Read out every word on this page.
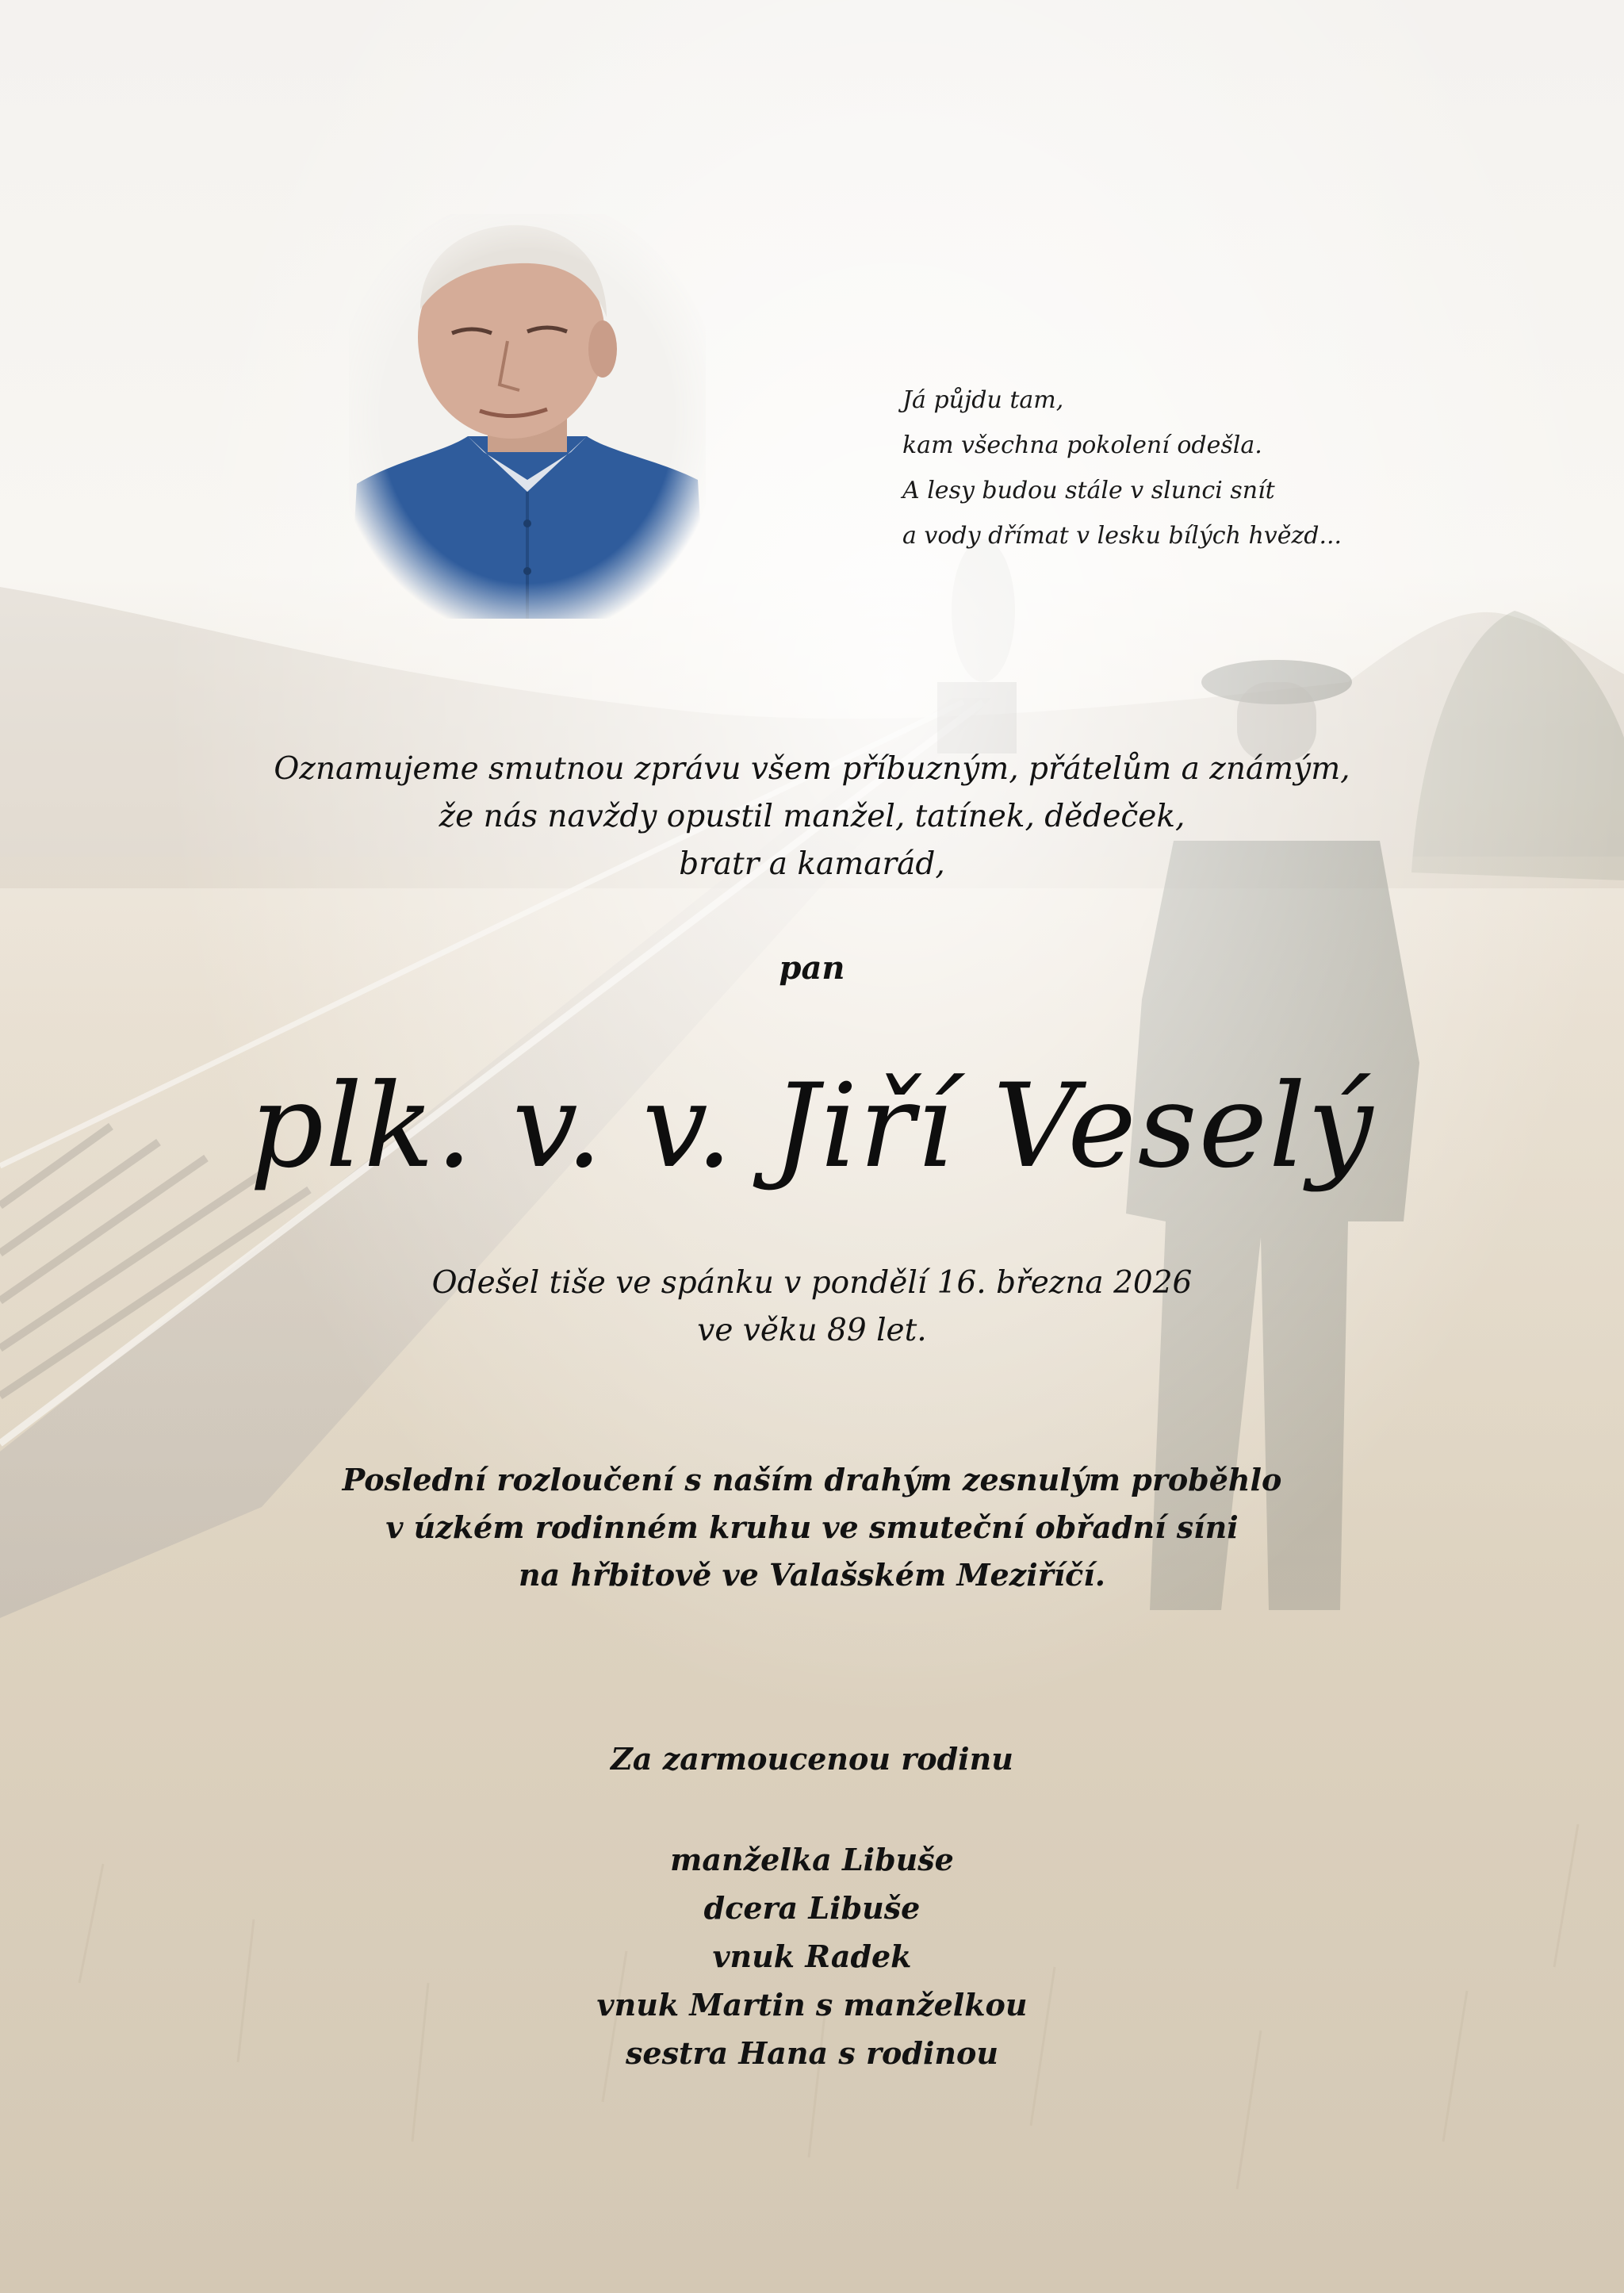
Já půjdu tam,
kam všechna pokolení odešla.
A lesy budou stále v slunci snít
a vody dřímat v lesku bílých hvězd...
Oznamujeme smutnou zprávu všem příbuzným, přátelům a známým,
že nás navždy opustil manžel, tatínek, dědeček,
bratr a kamarád,
pan
plk. v. v. Jiří Veselý
Odešel tiše ve spánku v pondělí 16. března 2026
ve věku 89 let.
Poslední rozloučení s naším drahým zesnulým proběhlo
v úzkém rodinném kruhu ve smuteční obřadní síni
na hřbitově ve Valašském Meziříčí.
Za zarmoucenou rodinu
manželka Libuše
dcera Libuše
vnuk Radek
vnuk Martin s manželkou
sestra Hana s rodinou
